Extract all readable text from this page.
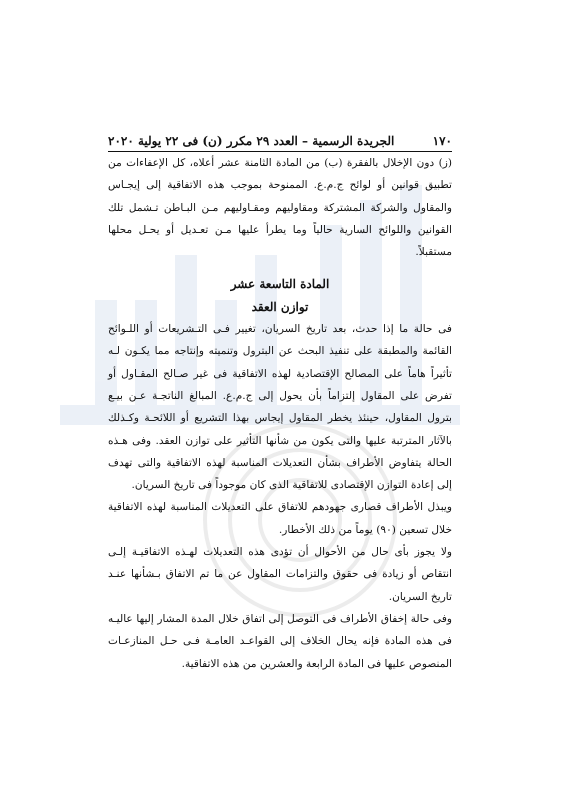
١٧٠
الجريدة الرسمية – العدد ٢٩ مكرر (ن) فى ٢٢ يولية ٢٠٢٠

(ز) دون الإخلال بالفقرة (ب) من المادة الثامنة عشر أعلاه، كل الإعفاءات من تطبيق قوانين أو لوائح ج.م.ع. الممنوحة بموجب هذه الاتفاقية إلى إيجـاس والمقاول والشركة المشتركة ومقاوليهم ومقـاوليهم مـن البـاطن تـشمل تلك القوانين واللوائح السارية حالياً وما يطرأ عليها مـن تعـديل أو يحـل محلها مستقبلاً.

المادة التاسعة عشر
توازن العقد

فى حالة ما إذا حدث، بعد تاريخ السريان، تغيير فـى التـشريعات أو اللـوائح القائمة والمطبقة على تنفيذ البحث عن البترول وتنميته وإنتاجه مما يكـون لـه تأثيراً هاماً على المصالح الإقتصادية لهذه الاتفاقية فى غير صـالح المقـاول أو تفرض على المقاول إلتزاماً بأن يحول إلى ج.م.ع. المبالغ الناتجـة عـن بيـع بترول المقاول، حينئذ يخطر المقاول إيجاس بهذا التشريع أو اللائحـة وكـذلك بالآثار المترتبة عليها والتى يكون من شأنها التأثير على توازن العقد. وفى هـذه الحالة يتفاوض الأطراف بشأن التعديلات المناسبة لهذه الاتفاقية والتى تهدف إلى إعادة التوازن الإقتصادى للاتفاقية الذى كان موجوداً فى تاريخ السريان.

ويبذل الأطراف قصارى جهودهم للاتفاق على التعديلات المناسبة لهذه الاتفاقية خلال تسعين (٩٠) يوماً من ذلك الأخطار.

ولا يجوز بأى حال من الأحوال أن تؤدى هذه التعديلات لهـذه الاتفاقيـة إلـى انتقاص أو زيادة فى حقوق والتزامات المقاول عن ما تم الاتفاق بـشأنها عنـد تاريخ السريان.

وفى حالة إخفاق الأطراف فى التوصل إلى اتفاق خلال المدة المشار إليها عاليـه فى هذه المادة فإنه يحال الخلاف إلى القواعـد العامـة فـى حـل المنازعـات المنصوص عليها فى المادة الرابعة والعشرين من هذه الاتفاقية.
